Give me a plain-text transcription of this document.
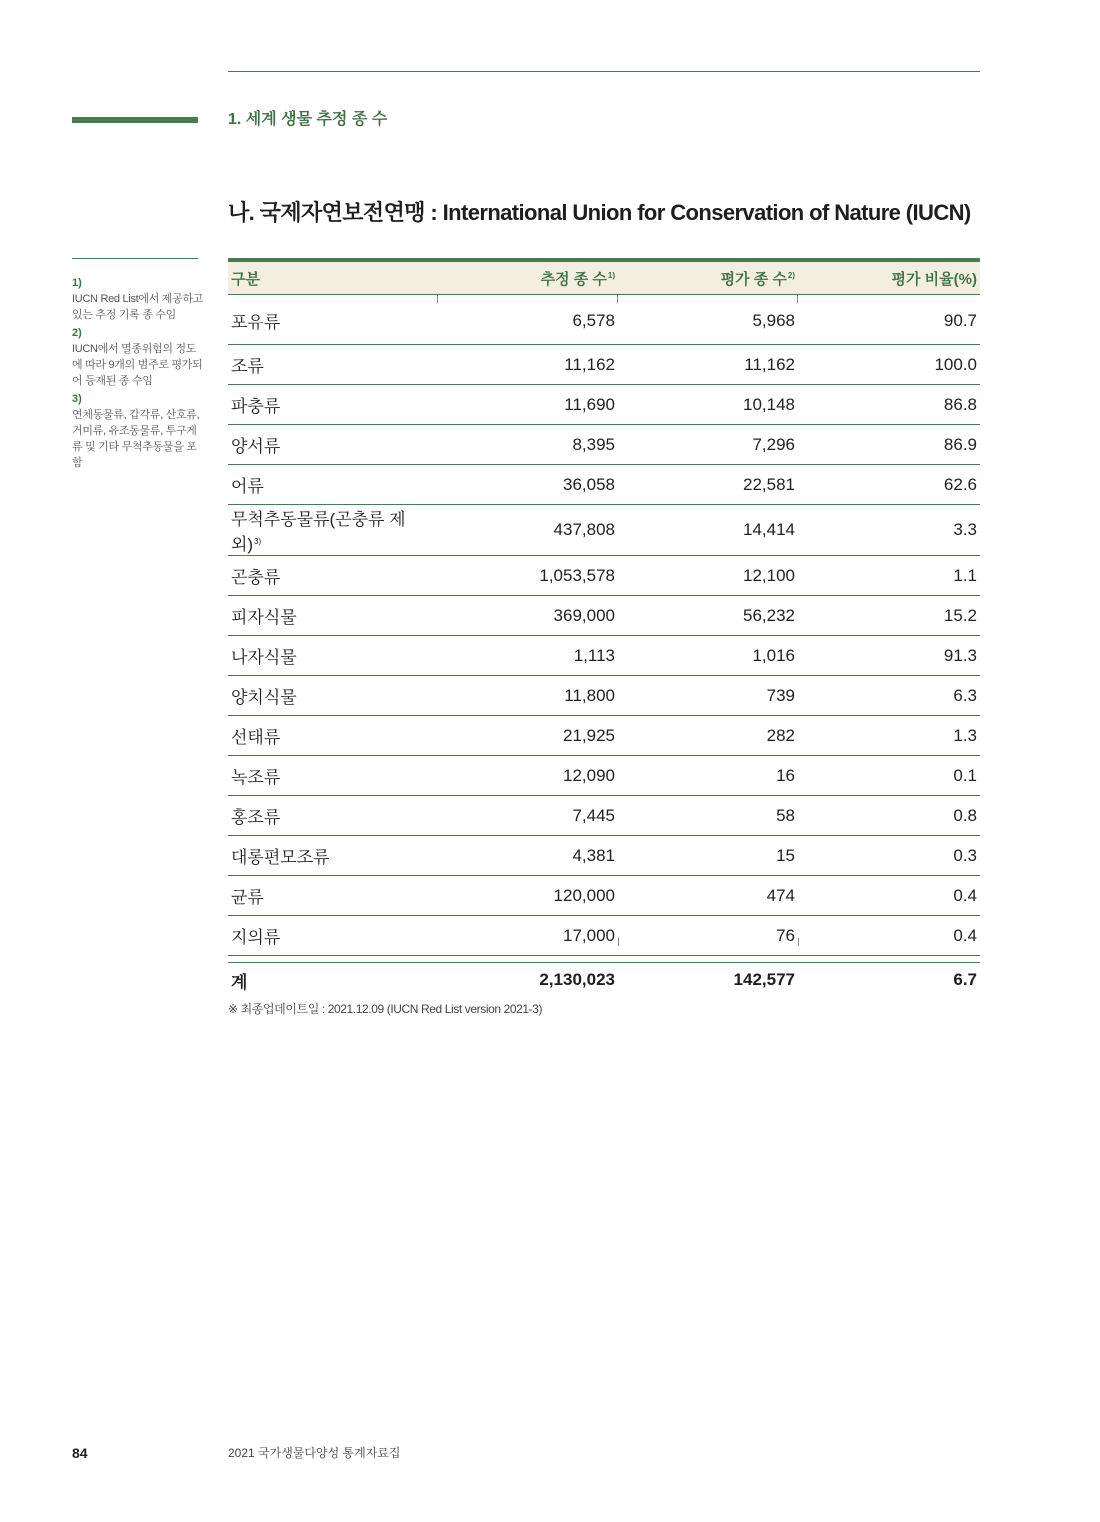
1. 세계 생물 추정 종 수
나. 국제자연보전연맹 : International Union for Conservation of Nature (IUCN)
1)
IUCN Red List에서 제공하고 있는 추정 기록 종 수임
2)
IUCN에서 멸종위험의 정도에 따라 9개의 범주로 평가되어 등재된 종 수임
3)
연체동물류, 갑각류, 산호류, 거미류, 유조동물류, 투구게류 및 기타 무척추동물을 포함
구분	추정 종 수$^{1)}$	평가 종 수$^{2)}$	평가 비율(%)
포유류	6,578	5,968	90.7
조류	11,162	11,162	100.0
파충류	11,690	10,148	86.8
양서류	8,395	7,296	86.9
어류	36,058	22,581	62.6
무척추동물류(곤충류 제외)$^{3)}$	437,808	14,414	3.3
곤충류	1,053,578	12,100	1.1
피자식물	369,000	56,232	15.2
나자식물	1,113	1,016	91.3
양치식물	11,800	739	6.3
선태류	21,925	282	1.3
녹조류	12,090	16	0.1
홍조류	7,445	58	0.8
대롱편모조류	4,381	15	0.3
균류	120,000	474	0.4
지의류	17,000	76	0.4

계	2,130,023	142,577	6.7
※ 최종업데이트일 : 2021.12.09 (IUCN Red List version 2021-3)
84	2021 국가생물다양성 통계자료집
